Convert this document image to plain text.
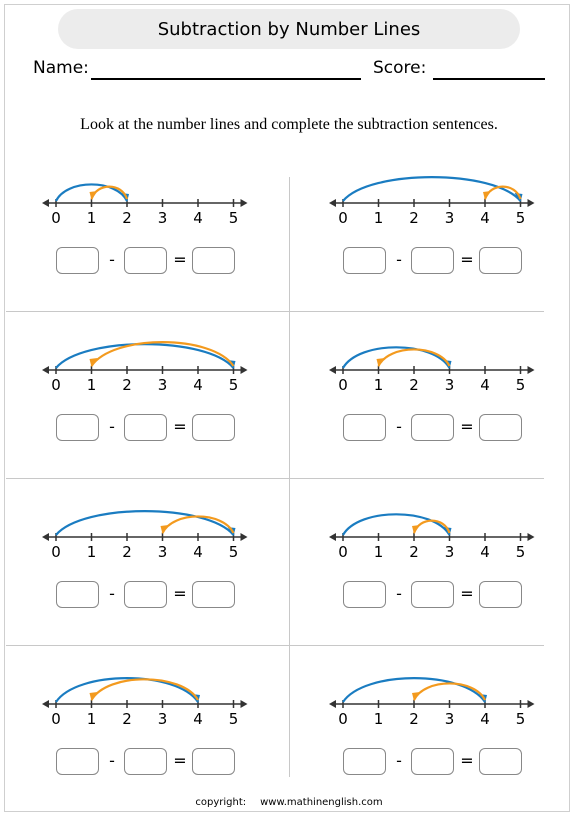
Subtraction by Number Lines
Name:	Score:
Look at the number lines and complete the subtraction sentences.
0	1	2	3	4	5
-	=
0	1	2	3	4	5
-	=
0	1	2	3	4	5
-	=
0	1	2	3	4	5
-	=
0	1	2	3	4	5
-	=
0	1	2	3	4	5
-	=
0	1	2	3	4	5
-	=
0	1	2	3	4	5
-	=
copyright: www.mathinenglish.com
